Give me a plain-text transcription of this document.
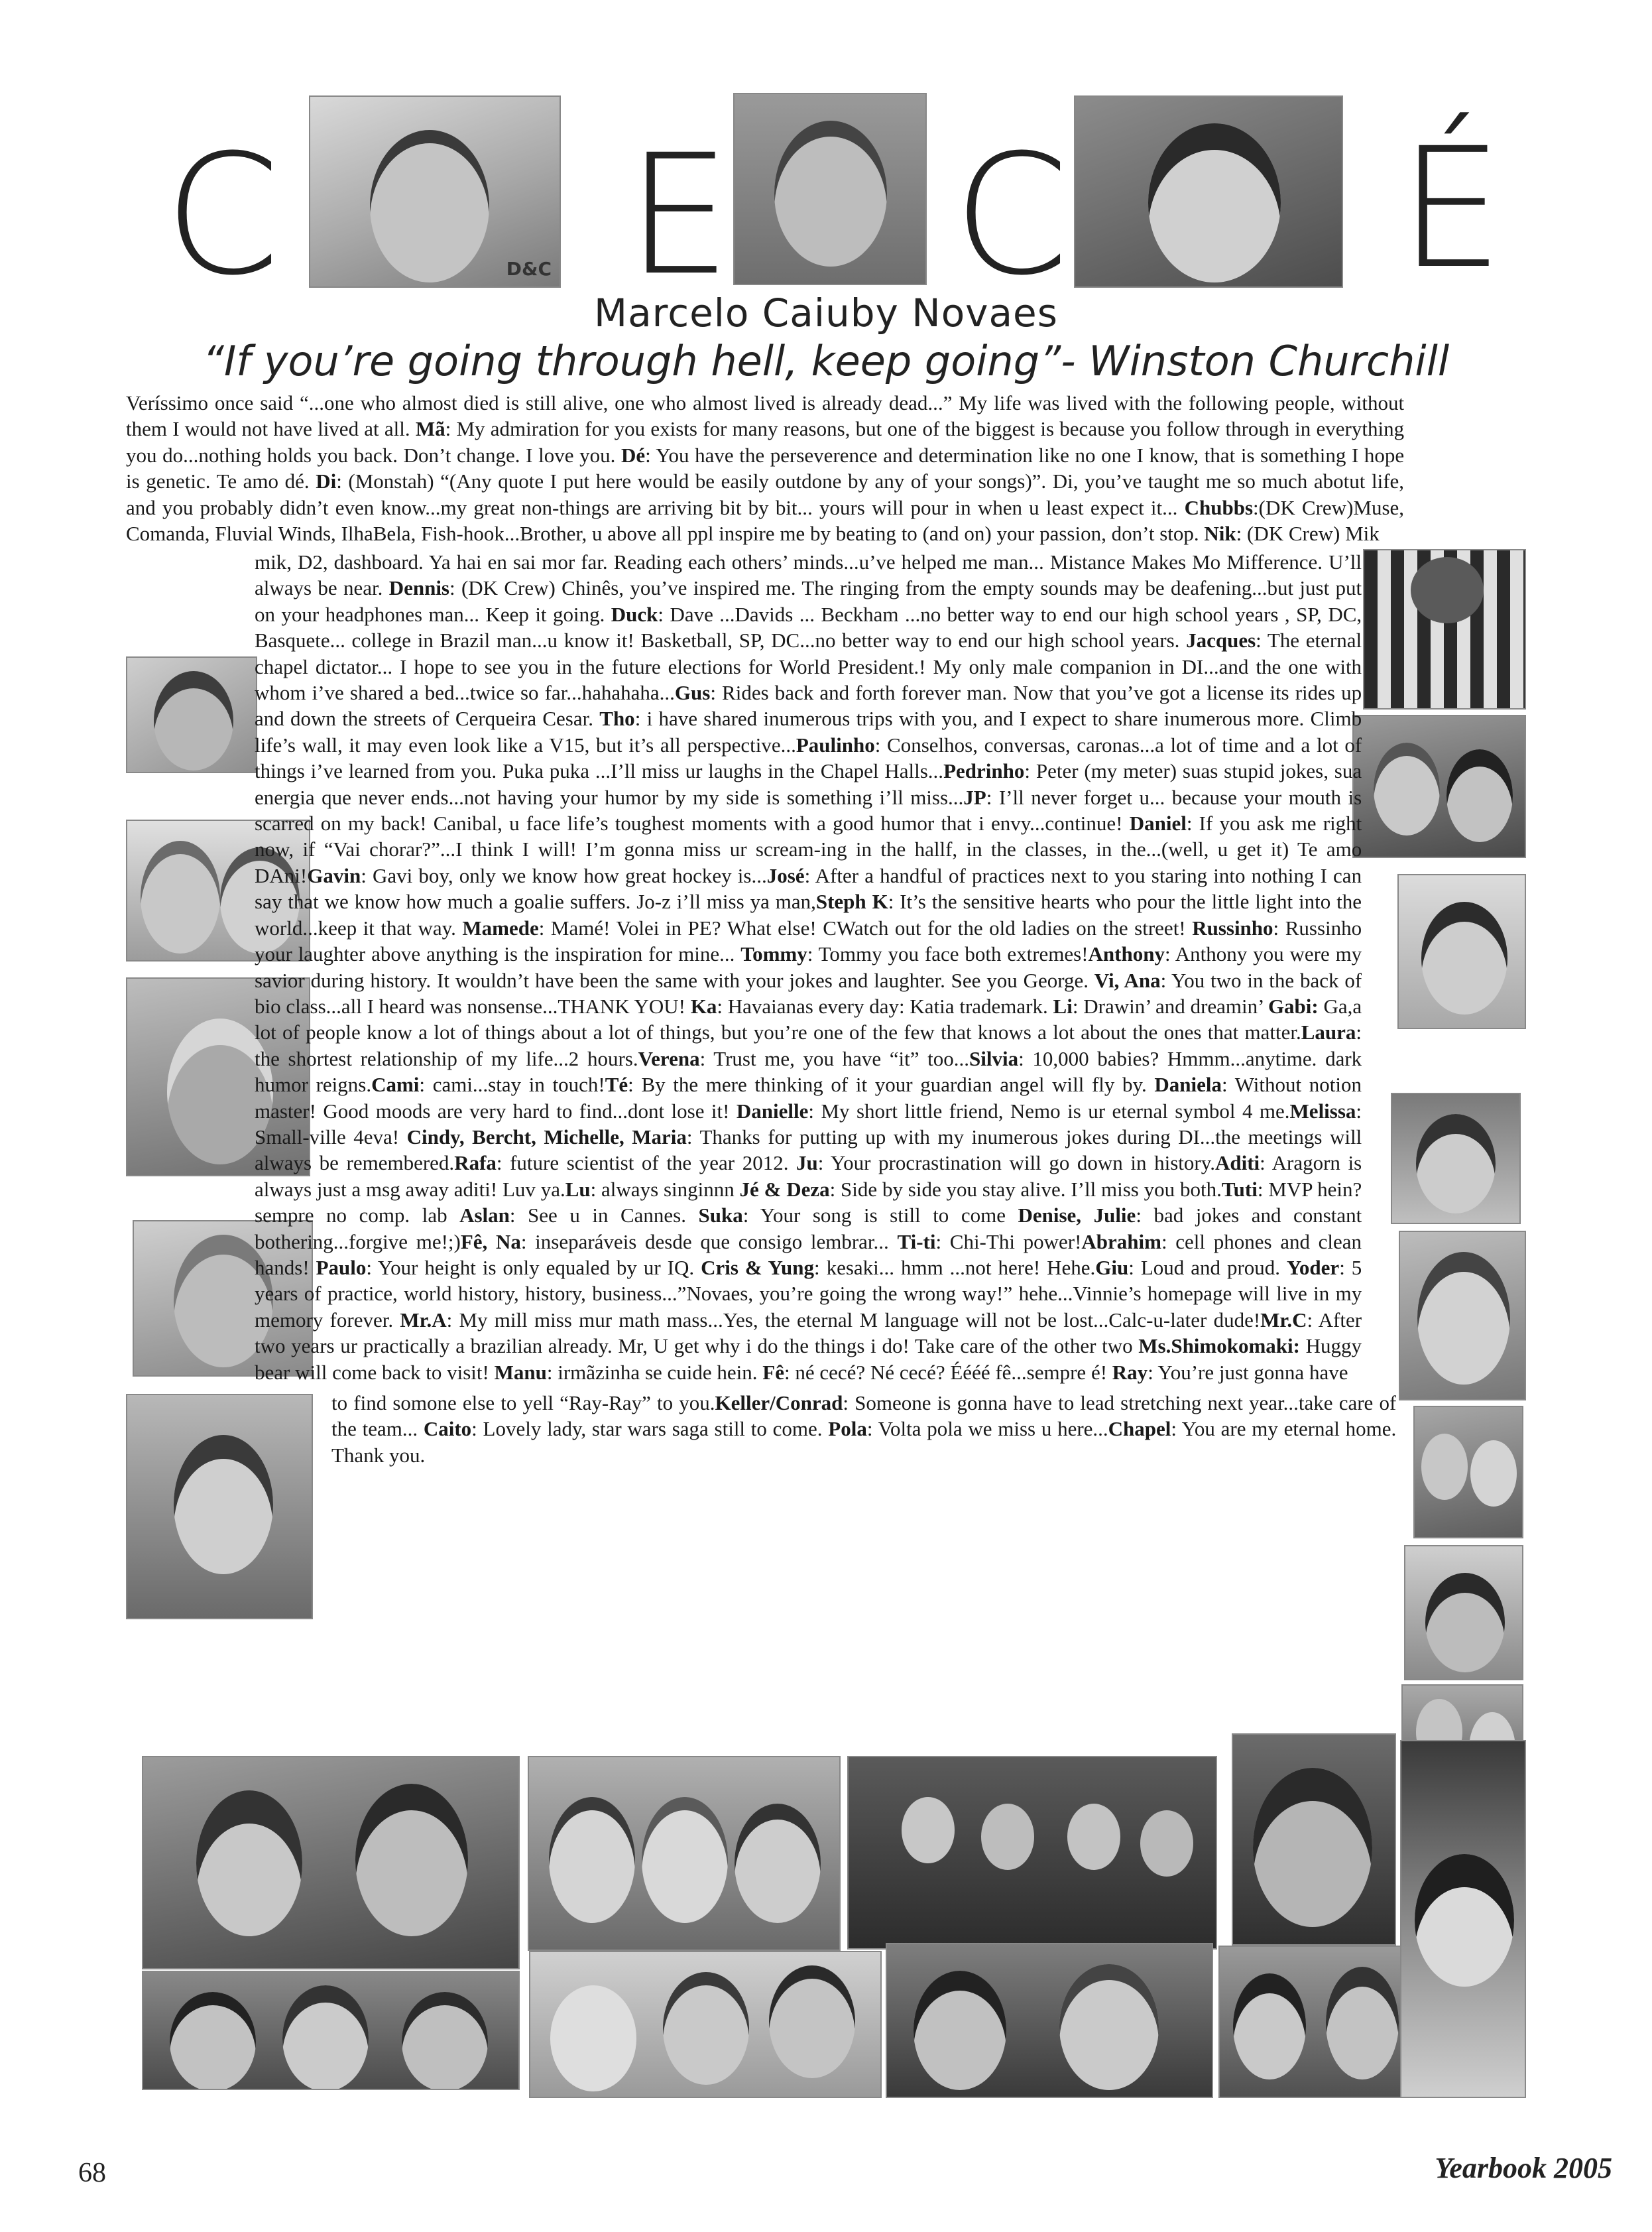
C E C É
D&C
Marcelo Caiuby Novaes
“If you’re going through hell, keep going”- Winston Churchill
Veríssimo once said “...one who almost died is still alive, one who almost lived is already dead...” My life was lived with the following people, without them I would not have lived at all. Mã: My admiration for you exists for many reasons, but one of the biggest is because you follow through in everything you do...nothing holds you back. Don’t change. I love you. Dé: You have the perseverence and determination like no one I know, that is something I hope is genetic. Te amo dé. Di: (Monstah) “(Any quote I put here would be easily outdone by any of your songs)”. Di, you’ve taught me so much abotut life, and you probably didn’t even know...my great non-things are arriving bit by bit... yours will pour in when u least expect it... Chubbs:(DK Crew)Muse, Comanda, Fluvial Winds, IlhaBela, Fish-hook...Brother, u above all ppl inspire me by beating to (and on) your passion, don’t stop. Nik: (DK Crew) Mik
mik, D2, dashboard. Ya hai en sai mor far. Reading each others’ minds...u’ve helped me man... Mistance Makes Mo Mifference. U’ll always be near. Dennis: (DK Crew) Chinês, you’ve inspired me. The ringing from the empty sounds may be deafening...but just put on your headphones man... Keep it going. Duck: Dave ...Davids ... Beckham ...no better way to end our high school years , SP, DC, Basquete... college in Brazil man...u know it! Basketball, SP, DC...no better way to end our high school years. Jacques: The eternal chapel dictator... I hope to see you in the future elections for World President.! My only male companion in DI...and the one with whom i’ve shared a bed...twice so far...hahahaha...Gus: Rides back and forth forever man. Now that you’ve got a license its rides up and down the streets of Cerqueira Cesar. Tho: i have shared inumerous trips with you, and I expect to share inumerous more. Climb life’s wall, it may even look like a V15, but it’s all perspective...Paulinho: Conselhos, conversas, caronas...a lot of time and a lot of things i’ve learned from you. Puka puka ...I’ll miss ur laughs in the Chapel Halls...Pedrinho: Peter (my meter) suas stupid jokes, sua energia que never ends...not having your humor by my side is something i’ll miss...JP: I’ll never forget u... because your mouth is scarred on my back! Canibal, u face life’s toughest moments with a good humor that i envy...continue! Daniel: If you ask me right now, if “Vai chorar?”...I think I will! I’m gonna miss ur scream-ing in the hallf, in the classes, in the...(well, u get it) Te amo DAni!Gavin: Gavi boy, only we know how great hockey is...José: After a handful of practices next to you staring into nothing I can say that we know how much a goalie suffers. Jo-z i’ll miss ya man,Steph K: It’s the sensitive hearts who pour the little light into the world...keep it that way. Mamede: Mamé! Volei in PE? What else! CWatch out for the old ladies on the street! Russinho: Russinho your laughter above anything is the inspiration for mine... Tommy: Tommy you face both extremes!Anthony: Anthony you were my savior during history. It wouldn’t have been the same with your jokes and laughter. See you George. Vi, Ana: You two in the back of bio class...all I heard was nonsense...THANK YOU! Ka: Havaianas every day: Katia trademark. Li: Drawin’ and dreamin’ Gabi: Ga,a lot of people know a lot of things about a lot of things, but you’re one of the few that knows a lot about the ones that matter.Laura: the shortest relationship of my life...2 hours.Verena: Trust me, you have “it” too...Silvia: 10,000 babies? Hmmm...anytime. dark humor reigns.Cami: cami...stay in touch!Té: By the mere thinking of it your guardian angel will fly by. Daniela: Without notion master! Good moods are very hard to find...dont lose it! Danielle: My short little friend, Nemo is ur eternal symbol 4 me.Melissa: Small-ville 4eva! Cindy, Bercht, Michelle, Maria: Thanks for putting up with my inumerous jokes during DI...the meetings will always be remembered.Rafa: future scientist of the year 2012. Ju: Your procrastination will go down in history.Aditi: Aragorn is always just a msg away aditi! Luv ya.Lu: always singinnn Jé & Deza: Side by side you stay alive. I’ll miss you both.Tuti: MVP hein? sempre no comp. lab Aslan: See u in Cannes. Suka: Your song is still to come Denise, Julie: bad jokes and constant bothering...forgive me!;)Fê, Na: inseparáveis desde que consigo lembrar... Ti-ti: Chi-Thi power!Abrahim: cell phones and clean hands! Paulo: Your height is only equaled by ur IQ. Cris & Yung: kesaki... hmm ...not here! Hehe.Giu: Loud and proud. Yoder: 5 years of practice, world history, history, business...”Novaes, you’re going the wrong way!” hehe...Vinnie’s homepage will live in my memory forever. Mr.A: My mill miss mur math mass...Yes, the eternal M language will not be lost...Calc-u-later dude!Mr.C: After two years ur practically a brazilian already. Mr, U get why i do the things i do! Take care of the other two Ms.Shimokomaki: Huggy bear will come back to visit! Manu: irmãzinha se cuide hein. Fê: né cecé? Né cecé? Éééé fê...sempre é! Ray: You’re just gonna have
to find somone else to yell “Ray-Ray” to you.Keller/Conrad: Someone is gonna have to lead stretching next year...take care of the team... Caito: Lovely lady, star wars saga still to come. Pola: Volta pola we miss u here...Chapel: You are my eternal home. Thank you.
68	Yearbook 2005
